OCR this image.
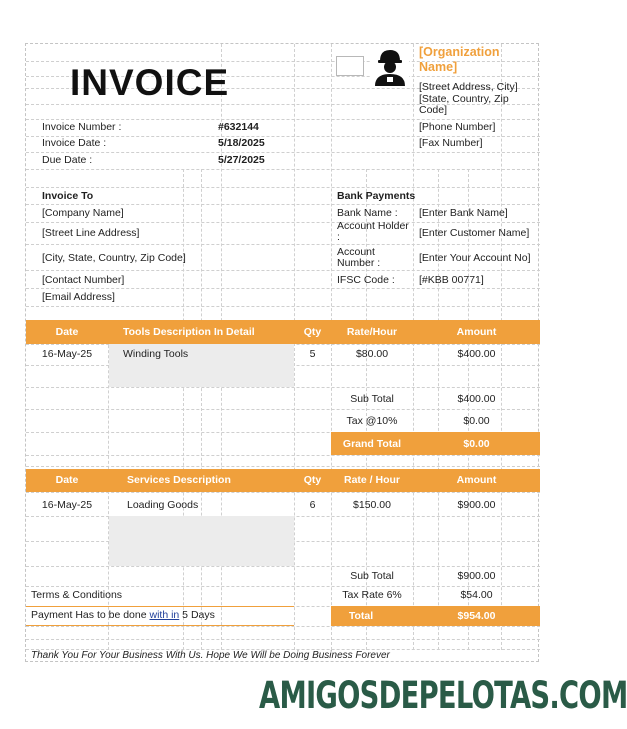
INVOICE
[Organization
Name]
[Street Address, City]
[State, Country, Zip
Code]
[Phone Number]
[Fax Number]
Invoice Number :	#632144
Invoice Date :	5/18/2025
Due Date :	5/27/2025
Invoice To
[Company Name]
[Street Line Address]
[City, State, Country, Zip Code]
[Contact Number]
[Email Address]
Bank Payments
Bank Name : [Enter Bank Name]
Account Holder
:	[Enter Customer Name]
Account
Number :	[Enter Your Account No]
IFSC Code : [#KBB 00771]
Date	Tools Description In Detail	Qty	Rate/Hour	Amount
16-May-25	Winding Tools	5	$80.00	$400.00
Sub Total	$400.00
Tax @10%	$0.00
Grand Total	$0.00
Date	Services Description	Qty	Rate / Hour	Amount
16-May-25	Loading Goods	6	$150.00	$900.00
Sub Total	$900.00
Tax Rate 6%	$54.00
Total	$954.00
Terms & Conditions
Payment Has to be done with in 5 Days
Thank You For Your Business With Us. Hope We Will be Doing Business Forever
AMIGOSDEPELOTAS.COM
